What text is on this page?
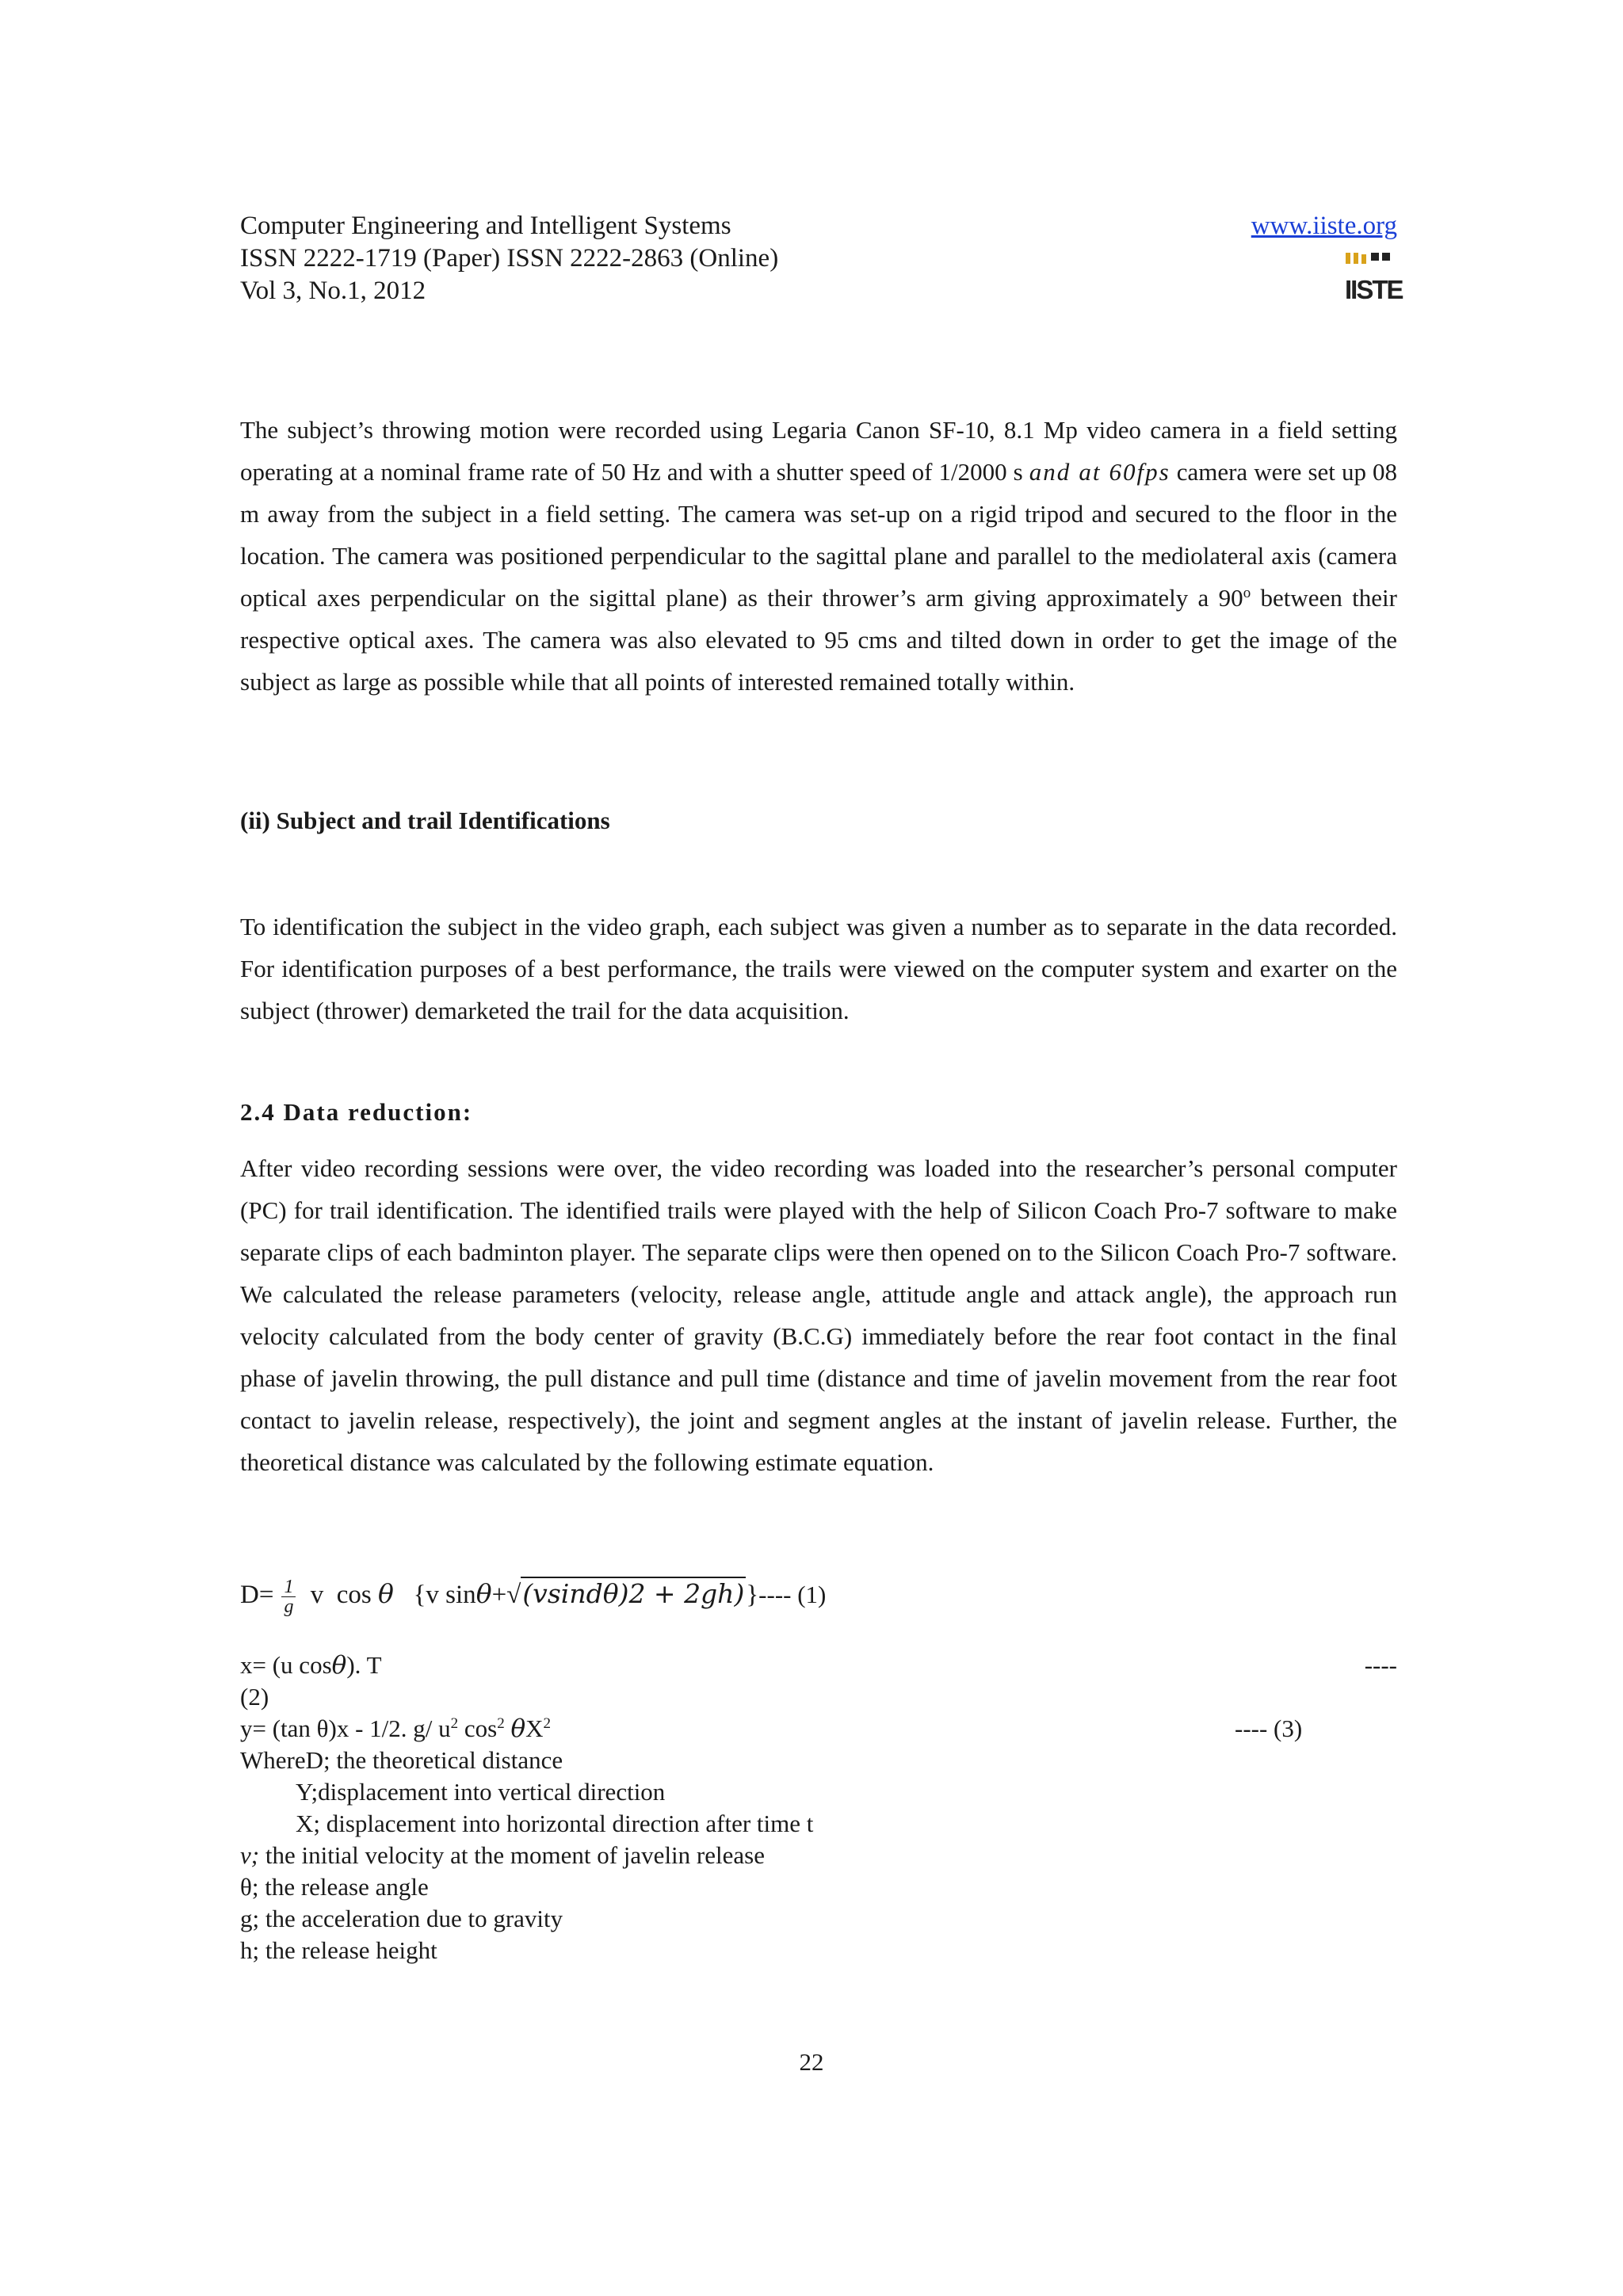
Computer Engineering and Intelligent Systems
ISSN 2222-1719 (Paper) ISSN 2222-2863 (Online)
Vol 3, No.1, 2012
www.iiste.org
IISTE

The subject’s throwing motion were recorded using Legaria Canon SF-10, 8.1 Mp video camera in a field setting operating at a nominal frame rate of 50 Hz and with a shutter speed of 1/2000 s and at 60fps camera were set up 08 m away from the subject in a field setting. The camera was set-up on a rigid tripod and secured to the floor in the location. The camera was positioned perpendicular to the sagittal plane and parallel to the mediolateral axis (camera optical axes perpendicular on the sigittal plane) as their thrower’s arm giving approximately a 90$^o$ between their respective optical axes. The camera was also elevated to 95 cms and tilted down in order to get the image of the subject as large as possible while that all points of interested remained totally within.

(ii) Subject and trail Identifications

To identification the subject in the video graph, each subject was given a number as to separate in the data recorded. For identification purposes of a best performance, the trails were viewed on the computer system and exarter on the subject (thrower) demarketed the trail for the data acquisition.

2.4 Data reduction:

After video recording sessions were over, the video recording was loaded into the researcher’s personal computer (PC) for trail identification. The identified trails were played with the help of Silicon Coach Pro-7 software to make separate clips of each badminton player. The separate clips were then opened on to the Silicon Coach Pro-7 software. We calculated the release parameters (velocity, release angle, attitude angle and attack angle), the approach run velocity calculated from the body center of gravity (B.C.G) immediately before the rear foot contact in the final phase of javelin throwing, the pull distance and pull time (distance and time of javelin movement from the rear foot contact to javelin release, respectively), the joint and segment angles at the instant of javelin release. Further, the theoretical distance was calculated by the following estimate equation.

$D= \frac{1}{g}$ v cos θ {v sinθ+√(vsindθ)2 + 2gh)}---- (1)
x= (u cosθ). T	----
(2)
y= (tan θ)x - 1/2. g/ $u^2$ $\cos^2 \theta X^2$	---- (3)
WhereD; the theoretical distance
Y;displacement into vertical direction
X; displacement into horizontal direction after time t
v; the initial velocity at the moment of javelin release
θ; the release angle
g; the acceleration due to gravity
h; the release height
22
